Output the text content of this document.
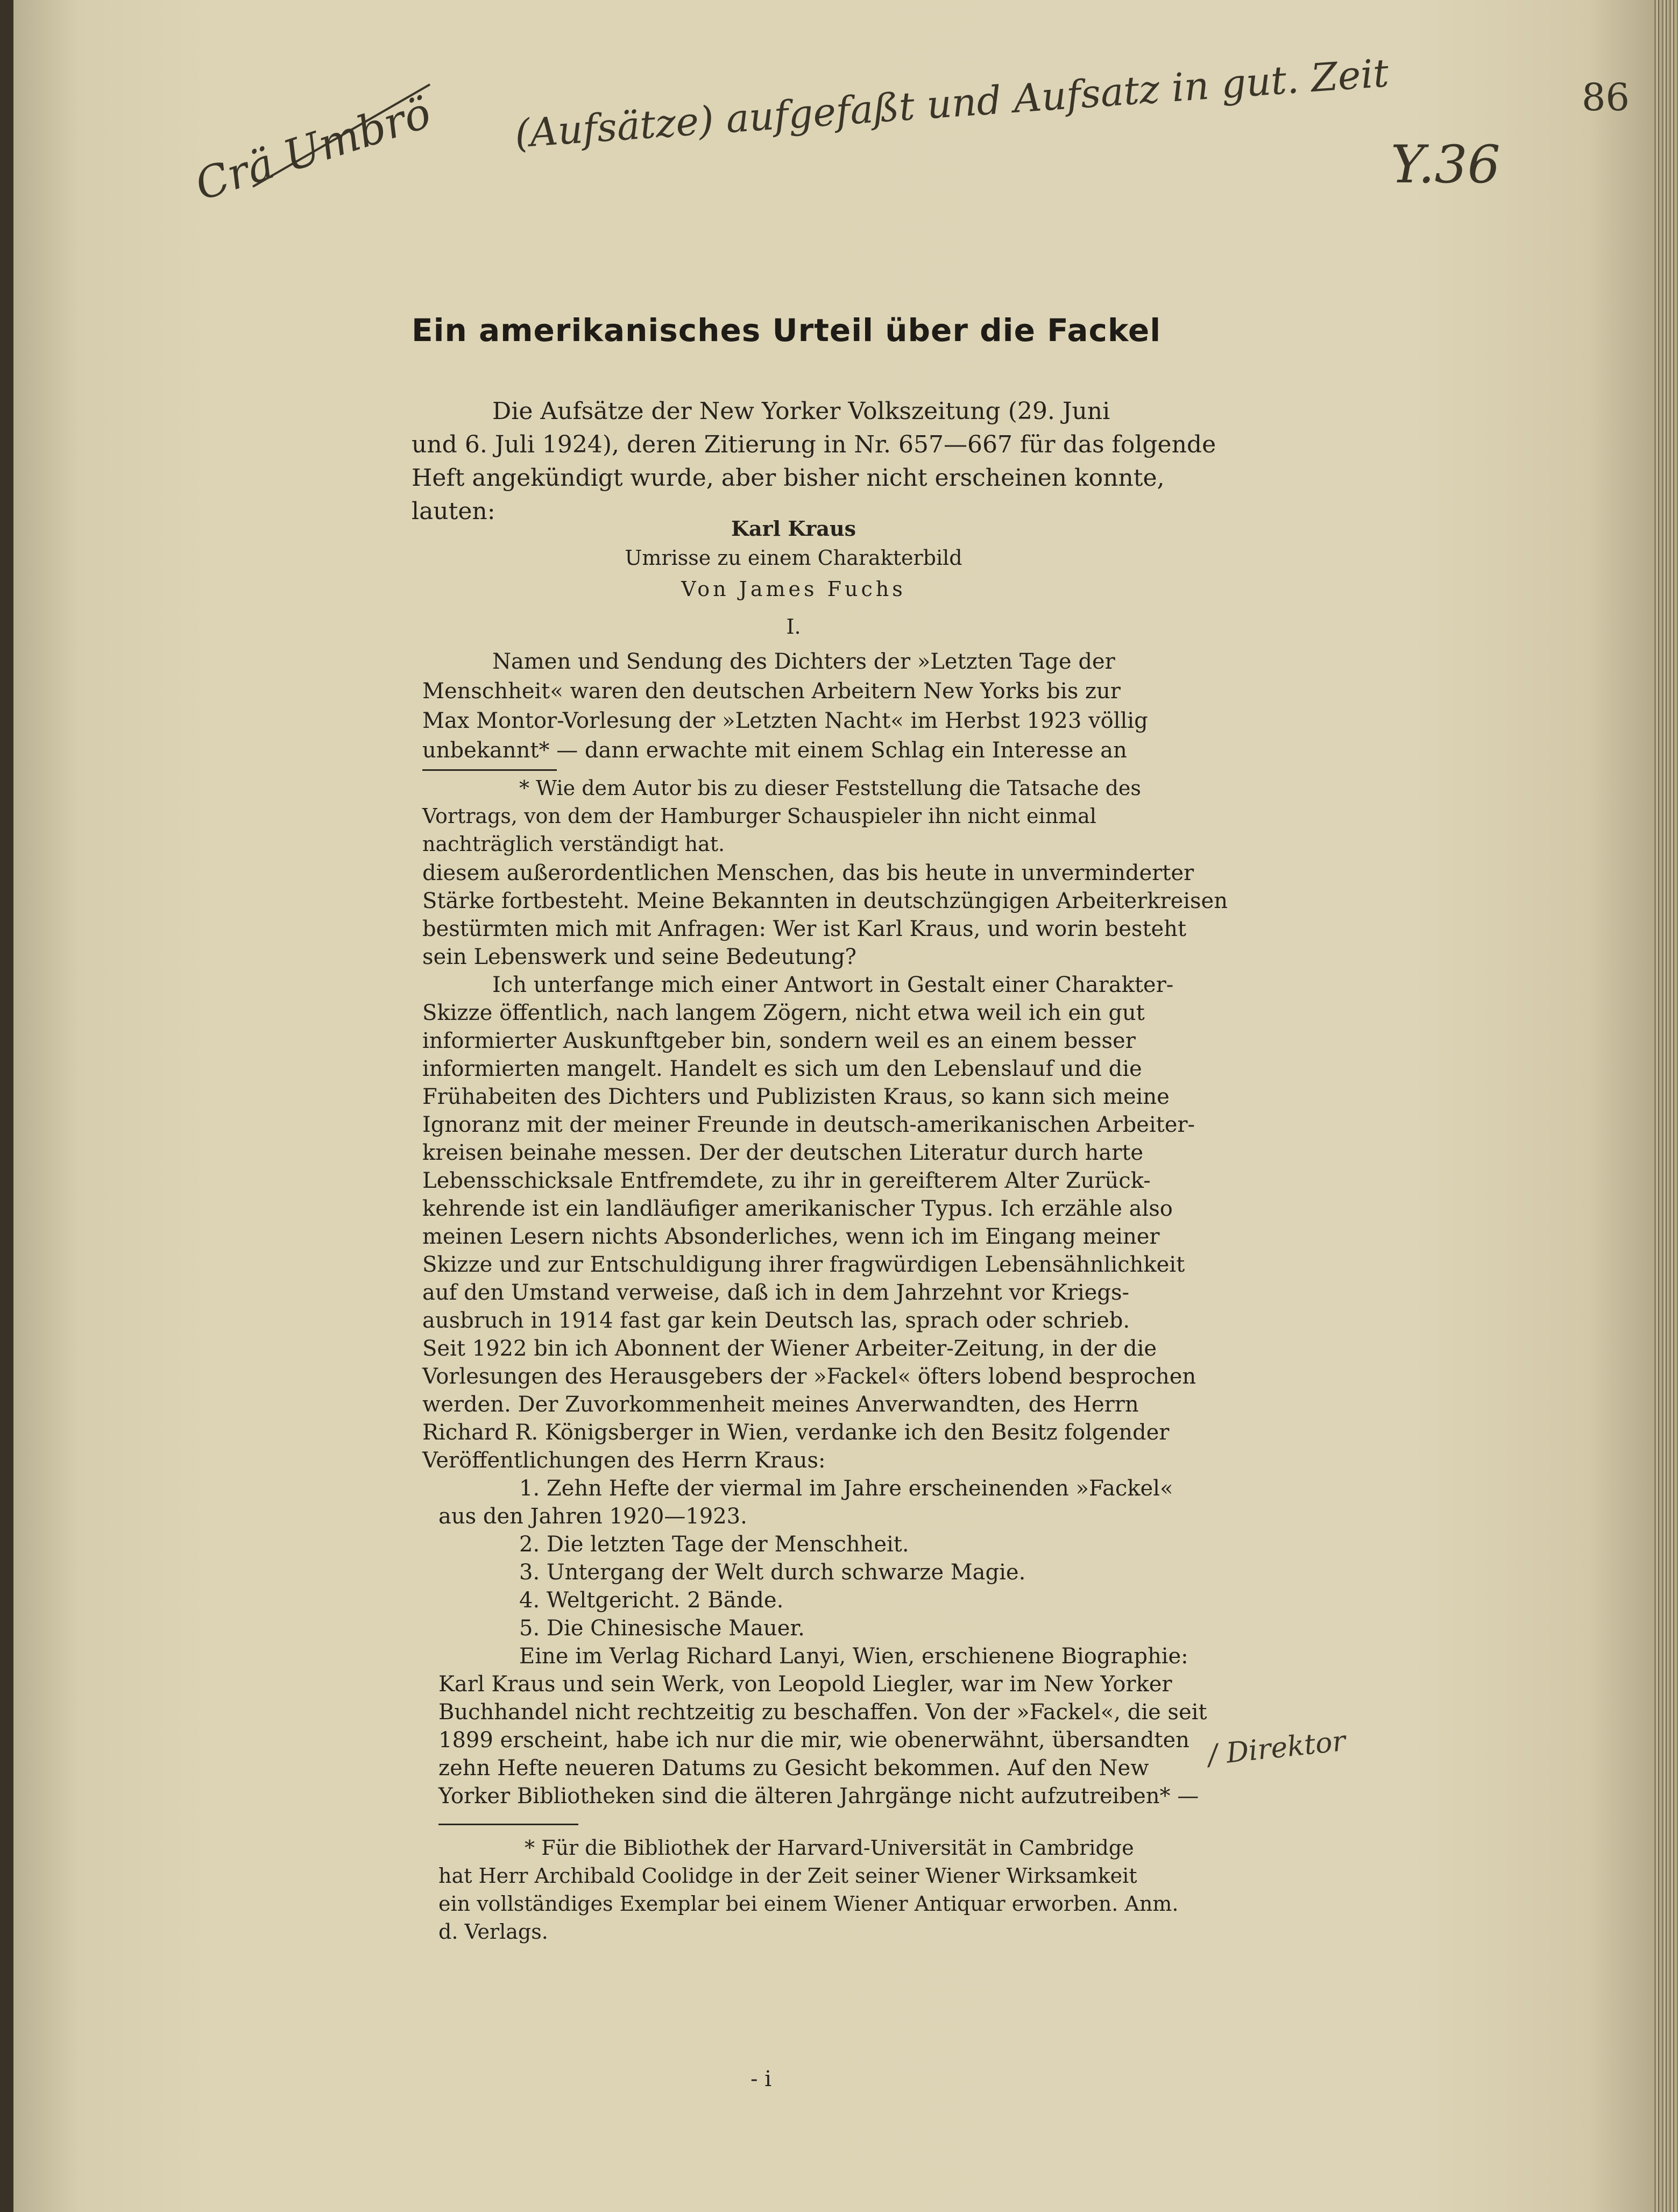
Crä Umbrö (Aufsätze) aufgefaßt und Aufsatz in gut. Zeit	86
Y.36
Ein amerikanisches Urteil über die Fackel
Die Aufsätze der New Yorker Volkszeitung (29. Juni
und 6. Juli 1924), deren Zitierung in Nr. 657—667 für das folgende
Heft angekündigt wurde, aber bisher nicht erscheinen konnte,
lauten:
Karl Kraus
Umrisse zu einem Charakterbild
Von James Fuchs
I.
Namen und Sendung des Dichters der »Letzten Tage der
Menschheit« waren den deutschen Arbeitern New Yorks bis zur
Max Montor-Vorlesung der »Letzten Nacht« im Herbst 1923 völlig
unbekannt* — dann erwachte mit einem Schlag ein Interesse an
* Wie dem Autor bis zu dieser Feststellung die Tatsache des
Vortrags, von dem der Hamburger Schauspieler ihn nicht einmal
nachträglich verständigt hat.
diesem außerordentlichen Menschen, das bis heute in unverminderter
Stärke fortbesteht. Meine Bekannten in deutschzüngigen Arbeiterkreisen
bestürmten mich mit Anfragen: Wer ist Karl Kraus, und worin besteht
sein Lebenswerk und seine Bedeutung?
Ich unterfange mich einer Antwort in Gestalt einer Charakter-
Skizze öffentlich, nach langem Zögern, nicht etwa weil ich ein gut
informierter Auskunftgeber bin, sondern weil es an einem besser
informierten mangelt. Handelt es sich um den Lebenslauf und die
Frühabeiten des Dichters und Publizisten Kraus, so kann sich meine
Ignoranz mit der meiner Freunde in deutsch-amerikanischen Arbeiter-
kreisen beinahe messen. Der der deutschen Literatur durch harte
Lebensschicksale Entfremdete, zu ihr in gereifterem Alter Zurück-
kehrende ist ein landläufiger amerikanischer Typus. Ich erzähle also
meinen Lesern nichts Absonderliches, wenn ich im Eingang meiner
Skizze und zur Entschuldigung ihrer fragwürdigen Lebensähnlichkeit
auf den Umstand verweise, daß ich in dem Jahrzehnt vor Kriegs-
ausbruch in 1914 fast gar kein Deutsch las, sprach oder schrieb.
Seit 1922 bin ich Abonnent der Wiener Arbeiter-Zeitung, in der die
Vorlesungen des Herausgebers der »Fackel« öfters lobend besprochen
werden. Der Zuvorkommenheit meines Anverwandten, des Herrn
Richard R. Königsberger in Wien, verdanke ich den Besitz folgender
Veröffentlichungen des Herrn Kraus:
1. Zehn Hefte der viermal im Jahre erscheinenden »Fackel«
aus den Jahren 1920—1923.
2. Die letzten Tage der Menschheit.
3. Untergang der Welt durch schwarze Magie.
4. Weltgericht. 2 Bände.
5. Die Chinesische Mauer.
Eine im Verlag Richard Lanyi, Wien, erschienene Biographie:
Karl Kraus und sein Werk, von Leopold Liegler, war im New Yorker
Buchhandel nicht rechtzeitig zu beschaffen. Von der »Fackel«, die seit
1899 erscheint, habe ich nur die mir, wie obenerwähnt, übersandten
zehn Hefte neueren Datums zu Gesicht bekommen. Auf den New
Yorker Bibliotheken sind die älteren Jahrgänge nicht aufzutreiben* —
* Für die Bibliothek der Harvard-Universität in Cambridge
hat Herr Archibald Coolidge in der Zeit seiner Wiener Wirksamkeit
ein vollständiges Exemplar bei einem Wiener Antiquar erworben. Anm.
d. Verlags.
/ Direktor
- i
